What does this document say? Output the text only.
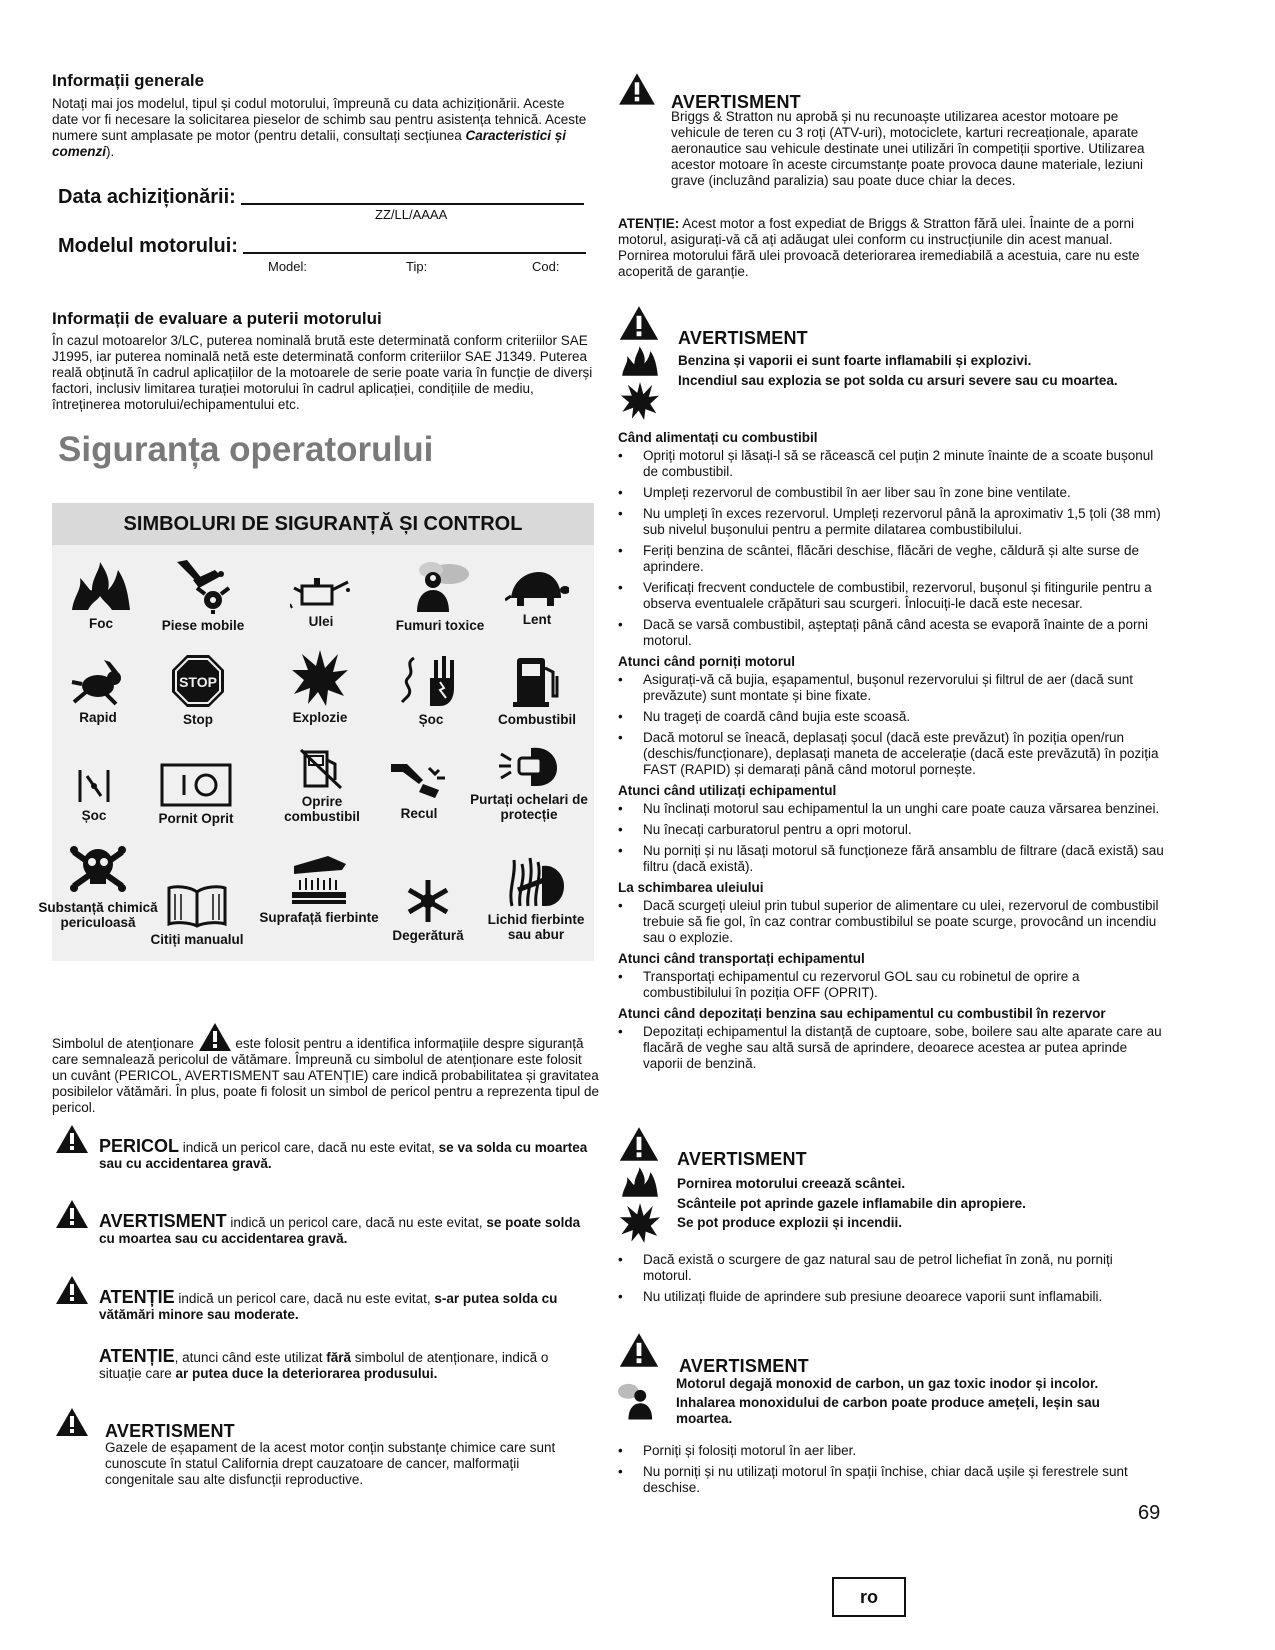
Informații generale
Notați mai jos modelul, tipul și codul motorului, împreună cu data achiziționării. Aceste date vor fi necesare la solicitarea pieselor de schimb sau pentru asistența tehnică. Aceste numere sunt amplasate pe motor (pentru detalii, consultați secțiunea Caracteristici și comenzi).
Data achiziționării:
ZZ/LL/AAAA
Modelul motorului:
Model:	Tip:	Cod:
Informații de evaluare a puterii motorului
În cazul motoarelor 3/LC, puterea nominală brută este determinată conform criteriilor SAE J1995, iar puterea nominală netă este determinată conform criteriilor SAE J1349. Puterea reală obținută în cadrul aplicațiilor de la motoarele de serie poate varia în funcție de diverși factori, inclusiv limitarea turației motorului în cadrul aplicației, condițiile de mediu, întreținerea motorului/echipamentului etc.
Siguranța operatorului
SIMBOLURI DE SIGURANȚĂ ȘI CONTROL
Foc	Piese mobile	Ulei	Fumuri toxice	Lent
Rapid
STOP
Stop	Explozie	Șoc	Combustibil
Șoc	Pornit Oprit
Oprire combustibil	Recul
Purtați ochelari de protecție
Substanță chimică periculoasă
Citiți manualul
Suprafață fierbinte
Degerătură
Lichid fierbinte sau abur
Simbolul de atenționare	este folosit pentru a identifica informațiile despre siguranță care semnalează pericolul de vătămare. Împreună cu simbolul de atenționare este folosit un cuvânt (PERICOL, AVERTISMENT sau ATENȚIE) care indică probabilitatea și gravitatea posibilelor vătămări. În plus, poate fi folosit un simbol de pericol pentru a reprezenta tipul de pericol.
PERICOL indică un pericol care, dacă nu este evitat, se va solda cu moartea sau cu accidentarea gravă.
AVERTISMENT indică un pericol care, dacă nu este evitat, se poate solda cu moartea sau cu accidentarea gravă.
ATENȚIE indică un pericol care, dacă nu este evitat, s-ar putea solda cu vătămări minore sau moderate.
ATENȚIE, atunci când este utilizat fără simbolul de atenționare, indică o situație care ar putea duce la deteriorarea produsului.
AVERTISMENT
Gazele de eșapament de la acest motor conțin substanțe chimice care sunt cunoscute în statul California drept cauzatoare de cancer, malformații congenitale sau alte disfuncții reproductive.
AVERTISMENT
Briggs & Stratton nu aprobă și nu recunoaște utilizarea acestor motoare pe vehicule de teren cu 3 roți (ATV-uri), motociclete, karturi recreaționale, aparate aeronautice sau vehicule destinate unei utilizări în competiții sportive. Utilizarea acestor motoare în aceste circumstanțe poate provoca daune materiale, leziuni grave (incluzând paralizia) sau poate duce chiar la deces.
ATENȚIE: Acest motor a fost expediat de Briggs & Stratton fără ulei. Înainte de a porni motorul, asigurați-vă că ați adăugat ulei conform cu instrucțiunile din acest manual. Pornirea motorului fără ulei provoacă deteriorarea iremediabilă a acestuia, care nu este acoperită de garanție.
AVERTISMENT
Benzina și vaporii ei sunt foarte inflamabili și explozivi.
Incendiul sau explozia se pot solda cu arsuri severe sau cu moartea.
Când alimentați cu combustibil
• Opriți motorul și lăsați-l să se răcească cel puțin 2 minute înainte de a scoate bușonul de combustibil.
• Umpleți rezervorul de combustibil în aer liber sau în zone bine ventilate.
• Nu umpleți în exces rezervorul. Umpleți rezervorul până la aproximativ 1,5 țoli (38 mm) sub nivelul bușonului pentru a permite dilatarea combustibilului.
• Feriți benzina de scântei, flăcări deschise, flăcări de veghe, căldură și alte surse de aprindere.
• Verificați frecvent conductele de combustibil, rezervorul, bușonul și fitingurile pentru a observa eventualele crăpături sau scurgeri. Înlocuiți-le dacă este necesar.
• Dacă se varsă combustibil, așteptați până când acesta se evaporă înainte de a porni motorul.
Atunci când porniți motorul
• Asigurați-vă că bujia, eșapamentul, bușonul rezervorului și filtrul de aer (dacă sunt prevăzute) sunt montate și bine fixate.
• Nu trageți de coardă când bujia este scoasă.
• Dacă motorul se îneacă, deplasați șocul (dacă este prevăzut) în poziția open/run (deschis/funcționare), deplasați maneta de accelerație (dacă este prevăzută) în poziția FAST (RAPID) și demarați până când motorul pornește.
Atunci când utilizați echipamentul
• Nu înclinați motorul sau echipamentul la un unghi care poate cauza vărsarea benzinei.
• Nu înecați carburatorul pentru a opri motorul.
• Nu porniți și nu lăsați motorul să funcționeze fără ansamblu de filtrare (dacă există) sau filtru (dacă există).
La schimbarea uleiului
• Dacă scurgeți uleiul prin tubul superior de alimentare cu ulei, rezervorul de combustibil trebuie să fie gol, în caz contrar combustibilul se poate scurge, provocând un incendiu sau o explozie.
Atunci când transportați echipamentul
• Transportați echipamentul cu rezervorul GOL sau cu robinetul de oprire a combustibilului în poziția OFF (OPRIT).
Atunci când depozitați benzina sau echipamentul cu combustibil în rezervor
• Depozitați echipamentul la distanță de cuptoare, sobe, boilere sau alte aparate care au flacără de veghe sau altă sursă de aprindere, deoarece acestea ar putea aprinde vaporii de benzină.
AVERTISMENT
Pornirea motorului creează scântei.
Scânteile pot aprinde gazele inflamabile din apropiere.
Se pot produce explozii și incendii.
• Dacă există o scurgere de gaz natural sau de petrol lichefiat în zonă, nu porniți motorul.
• Nu utilizați fluide de aprindere sub presiune deoarece vaporii sunt inflamabili.
AVERTISMENT
Motorul degajă monoxid de carbon, un gaz toxic inodor și incolor.
Inhalarea monoxidului de carbon poate produce amețeli, leșin sau moartea.
• Porniți și folosiți motorul în aer liber.
• Nu porniți și nu utilizați motorul în spații închise, chiar dacă ușile și ferestrele sunt deschise.
ro
69
